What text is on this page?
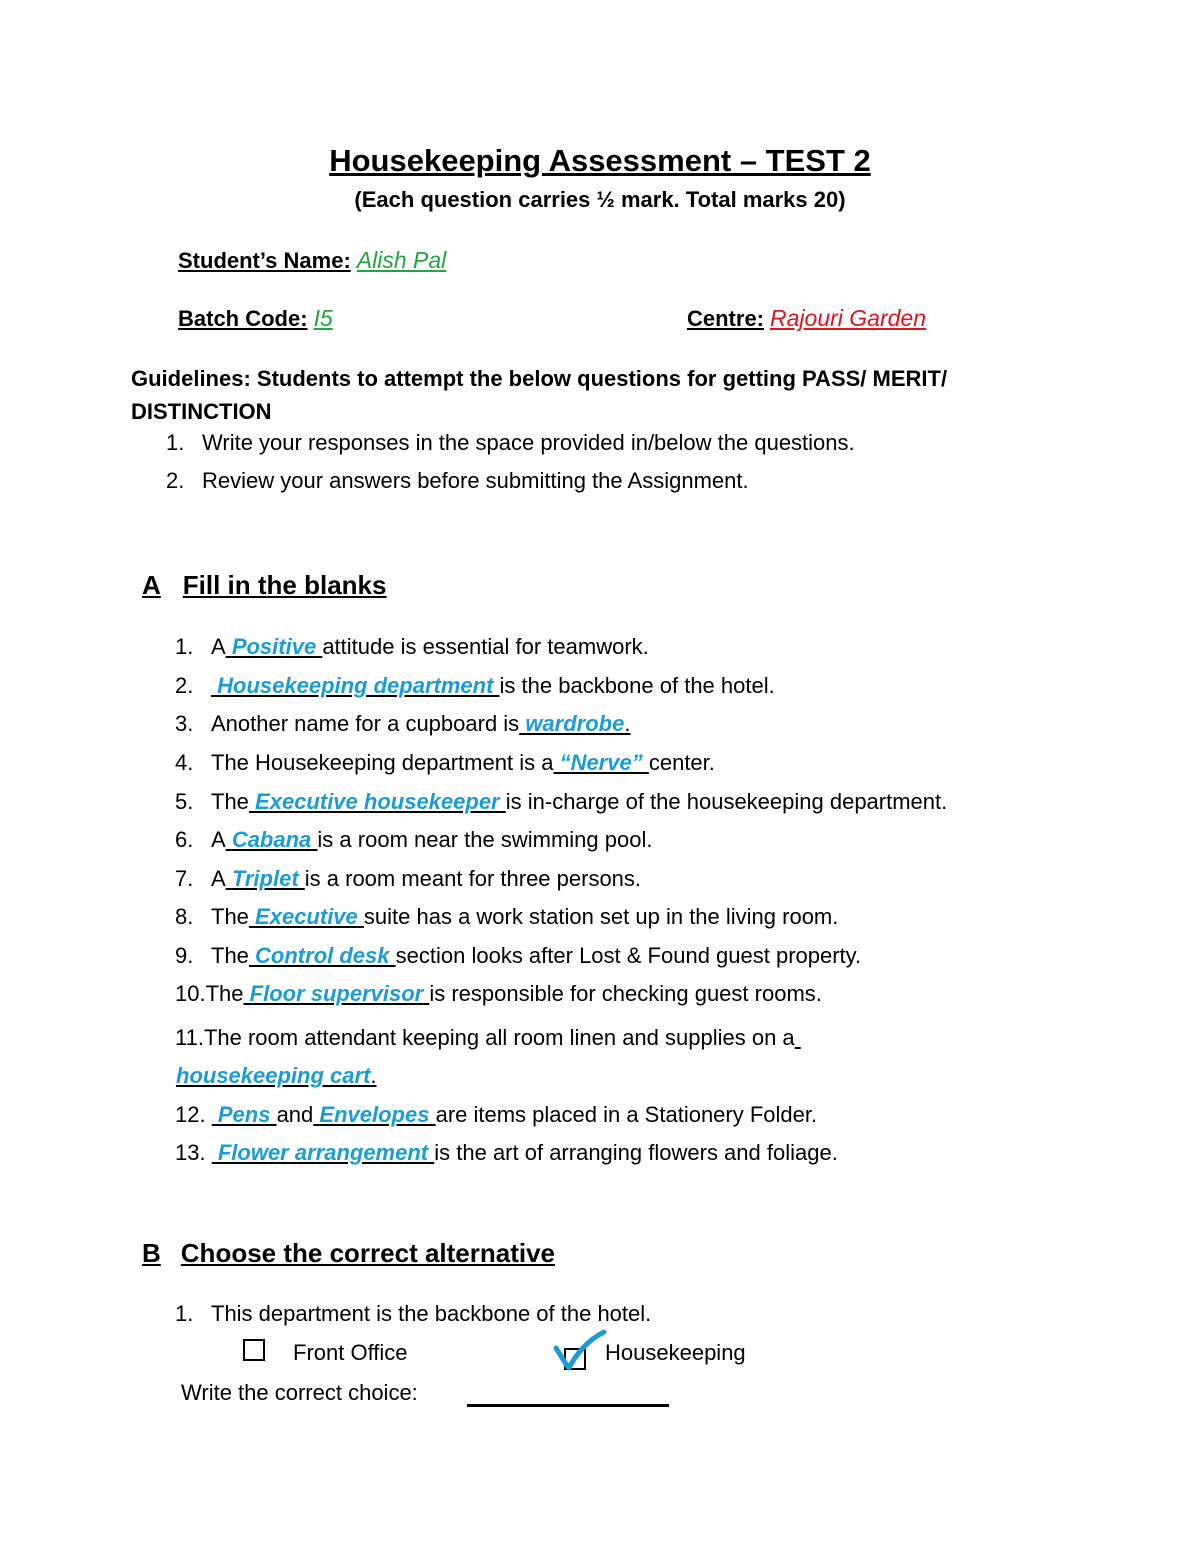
Housekeeping Assessment – TEST 2
(Each question carries ½ mark. Total marks 20)
Student’s Name: Alish Pal
Batch Code: I5	Centre: Rajouri Garden
Guidelines: Students to attempt the below questions for getting PASS/ MERIT/ DISTINCTION
1. Write your responses in the space provided in/below the questions.
2. Review your answers before submitting the Assignment.
A Fill in the blanks
1. A Positive attitude is essential for teamwork.
2. Housekeeping department is the backbone of the hotel.
3. Another name for a cupboard is wardrobe.
4. The Housekeeping department is a “Nerve” center.
5. The Executive housekeeper is in-charge of the housekeeping department.
6. A Cabana is a room near the swimming pool.
7. A Triplet is a room meant for three persons.
8. The Executive suite has a work station set up in the living room.
9. The Control desk section looks after Lost & Found guest property.
10.The Floor supervisor is responsible for checking guest rooms.
11.The room attendant keeping all room linen and supplies on a
housekeeping cart.
12. Pens and Envelopes are items placed in a Stationery Folder.
13. Flower arrangement is the art of arranging flowers and foliage.
B Choose the correct alternative
1. This department is the backbone of the hotel.
Front Office	Housekeeping
Write the correct choice:
